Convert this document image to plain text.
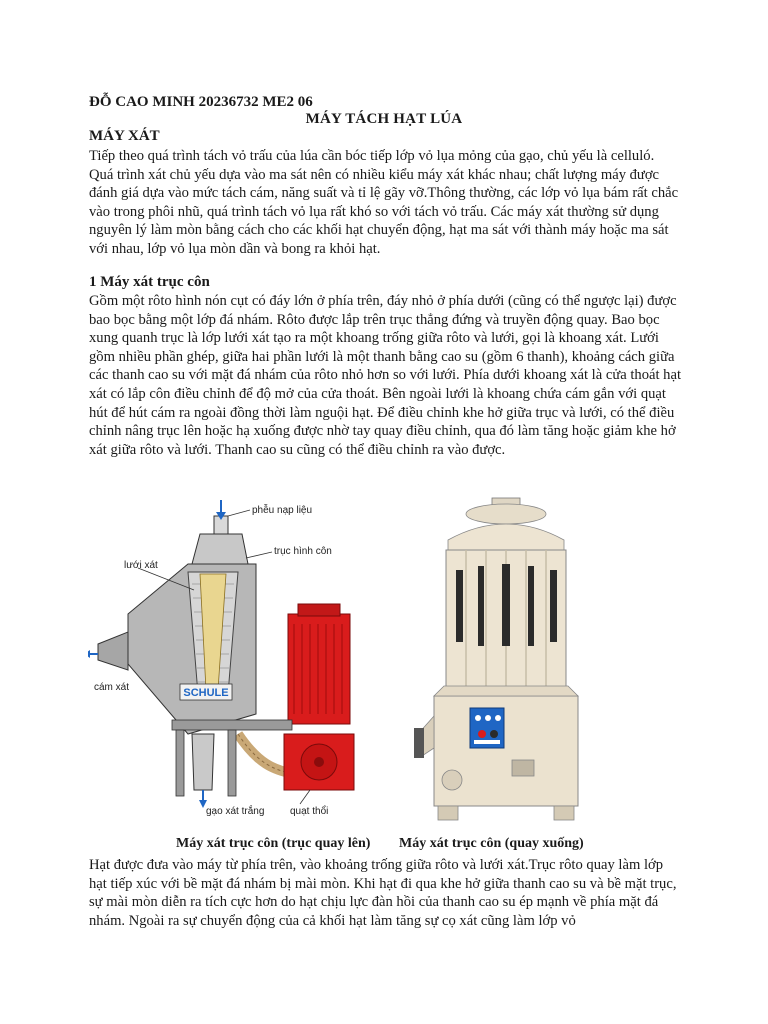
ĐỖ CAO MINH 20236732 ME2 06
MÁY TÁCH HẠT LÚA
MÁY XÁT
Tiếp theo quá trình tách vỏ trấu của lúa cần bóc tiếp lớp vỏ lụa mỏng của gạo, chủ yếu là celluló. Quá trình xát chủ yếu dựa vào ma sát nên có nhiều kiểu máy xát khác nhau; chất lượng máy được đánh giá dựa vào mức tách cám, năng suất và tỉ lệ gãy vỡ.Thông thường, các lớp vỏ lụa bám rất chắc vào trong phôi nhũ, quá trình tách vỏ lụa rất khó so với tách vỏ trấu. Các máy xát thường sử dụng nguyên lý làm mòn bằng cách cho các khối hạt chuyển động, hạt ma sát với thành máy hoặc ma sát với nhau, lớp vỏ lụa mòn dần và bong ra khỏi hạt.
1 Máy xát trục côn
Gồm một rôto hình nón cụt có đáy lớn ở phía trên, đáy nhỏ ở phía dưới (cũng có thể ngược lại) được bao bọc bằng một lớp đá nhám. Rôto được lắp trên trục thẳng đứng và truyền động quay. Bao bọc xung quanh trục là lớp lưới xát tạo ra một khoang trống giữa rôto và lưới, gọi là khoang xát. Lưới gồm nhiều phần ghép, giữa hai phần lưới là một thanh bằng cao su (gồm 6 thanh), khoảng cách giữa các thanh cao su với mặt đá nhám của rôto nhỏ hơn so với lưới. Phía dưới khoang xát là cửa thoát hạt xát có lắp côn điều chỉnh để độ mở của cửa thoát. Bên ngoài lưới là khoang chứa cám gắn với quạt hút để hút cám ra ngoài đồng thời làm nguội hạt. Để điều chỉnh khe hở giữa trục và lưới, có thể điều chỉnh nâng trục lên hoặc hạ xuống được nhờ tay quay điều chỉnh, qua đó làm tăng hoặc giảm khe hở xát giữa rôto và lưới. Thanh cao su cũng có thể điều chỉnh ra vào được.
phễu nạp liệu
trục hình côn
cám xát
lưới xát
SCHULE
gạo xát trắng	quạt thổi
Máy xát trục côn (trục quay lên) Máy xát trục côn (quay xuống)
Hạt được đưa vào máy từ phía trên, vào khoảng trống giữa rôto và lưới xát.Trục rôto quay làm lớp hạt tiếp xúc với bề mặt đá nhám bị mài mòn. Khi hạt đi qua khe hở giữa thanh cao su và bề mặt trục, sự mài mòn diễn ra tích cực hơn do hạt chịu lực đàn hồi của thanh cao su ép mạnh về phía mặt đá nhám. Ngoài ra sự chuyển động của cả khối hạt làm tăng sự cọ xát cũng làm lớp vỏ
